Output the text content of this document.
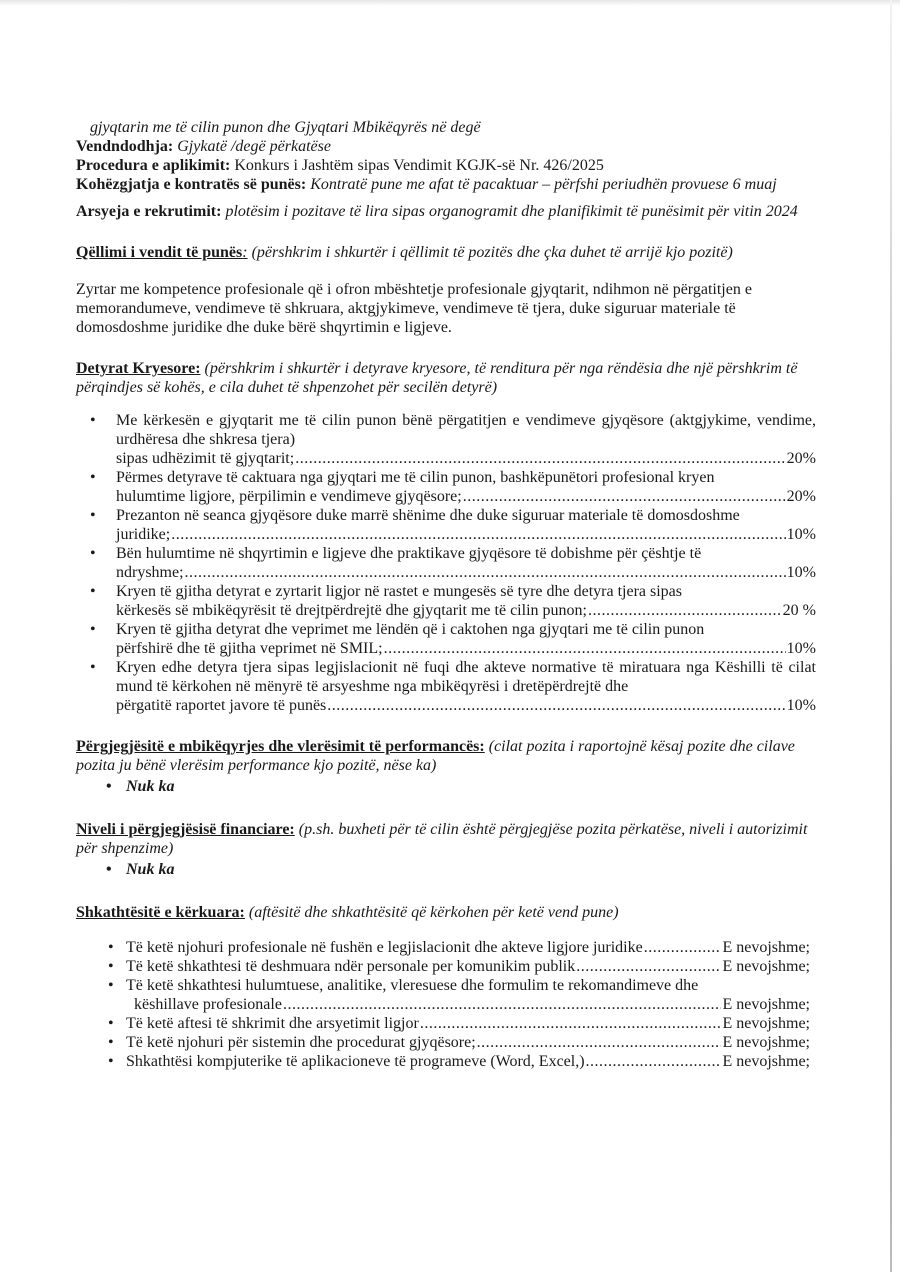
gjyqtarin me të cilin punon dhe Gjyqtari Mbikëqyrës në degë

Vendndodhja: Gjykatë /degë përkatëse

Procedura e aplikimit: Konkurs i Jashtëm sipas Vendimit KGJK-së Nr. 426/2025

Kohëzgjatja e kontratës së punës: Kontratë pune me afat të pacaktuar – përfshi periudhën provuese 6 muaj

Arsyeja e rekrutimit: plotësim i pozitave të lira sipas organogramit dhe planifikimit të punësimit për vitin 2024

Qëllimi i vendit të punës: (përshkrim i shkurtër i qëllimit të pozitës dhe çka duhet të arrijë kjo pozitë)

Zyrtar me kompetence profesionale që i ofron mbështetje profesionale gjyqtarit, ndihmon në përgatitjen e memorandumeve, vendimeve të shkruara, aktgjykimeve, vendimeve të tjera, duke siguruar materiale të domosdoshme juridike dhe duke bërë shqyrtimin e ligjeve.

Detyrat Kryesore: (përshkrim i shkurtër i detyrave kryesore, të renditura për nga rëndësia dhe një përshkrim të përqindjes së kohës, e cila duhet të shpenzohet për secilën detyrë)

• Me kërkesën e gjyqtarit me të cilin punon bënë përgatitjen e vendimeve gjyqësore (aktgjykime, vendime, urdhëresa dhe shkresa tjera)
sipas udhëzimit të gjyqtarit; .....	20%
• Përmes detyrave të caktuara nga gjyqtari me të cilin punon, bashkëpunëtori profesional kryen
hulumtime ligjore, përpilimin e vendimeve gjyqësore; .....	20%
• Prezanton në seanca gjyqësore duke marrë shënime dhe duke siguruar materiale të domosdoshme
juridike; .....	10%
• Bën hulumtime në shqyrtimin e ligjeve dhe praktikave gjyqësore të dobishme për çështje të
ndryshme; .....	10%
• Kryen të gjitha detyrat e zyrtarit ligjor në rastet e mungesës së tyre dhe detyra tjera sipas
kërkesës së mbikëqyrësit të drejtpërdrejtë dhe gjyqtarit me të cilin punon; .....	20 %
• Kryen të gjitha detyrat dhe veprimet me lëndën që i caktohen nga gjyqtari me të cilin punon
përfshirë dhe të gjitha veprimet në SMIL; .....	10%
• Kryen edhe detyra tjera sipas legjislacionit në fuqi dhe akteve normative të miratuara nga Këshilli të cilat mund të kërkohen në mënyrë të arsyeshme nga mbikëqyrësi i dretëpërdrejtë dhe
përgatitë raportet javore të punës .....	10%

Përgjegjësitë e mbikëqyrjes dhe vlerësimit të performancës: (cilat pozita i raportojnë kësaj pozite dhe cilave pozita ju bënë vlerësim performance kjo pozitë, nëse ka)

• Nuk ka

Niveli i përgjegjësisë financiare: (p.sh. buxheti për të cilin është përgjegjëse pozita përkatëse, niveli i autorizimit për shpenzime)

• Nuk ka

Shkathtësitë e kërkuara: (aftësitë dhe shkathtësitë që kërkohen për ketë vend pune)

• Të ketë njohuri profesionale në fushën e legjislacionit dhe akteve ligjore juridike .....	E nevojshme;
• Të ketë shkathtesi të deshmuara ndër personale per komunikim publik .....	E nevojshme;
• Të ketë shkathtesi hulumtuese, analitike, vleresuese dhe formulim te rekomandimeve dhe
këshillave profesionale .....	E nevojshme;
• Të ketë aftesi të shkrimit dhe arsyetimit ligjor .....	E nevojshme;
• Të ketë njohuri për sistemin dhe procedurat gjyqësore; .....	E nevojshme;
• Shkathtësi kompjuterike të aplikacioneve të programeve (Word, Excel,) .....	E nevojshme;
